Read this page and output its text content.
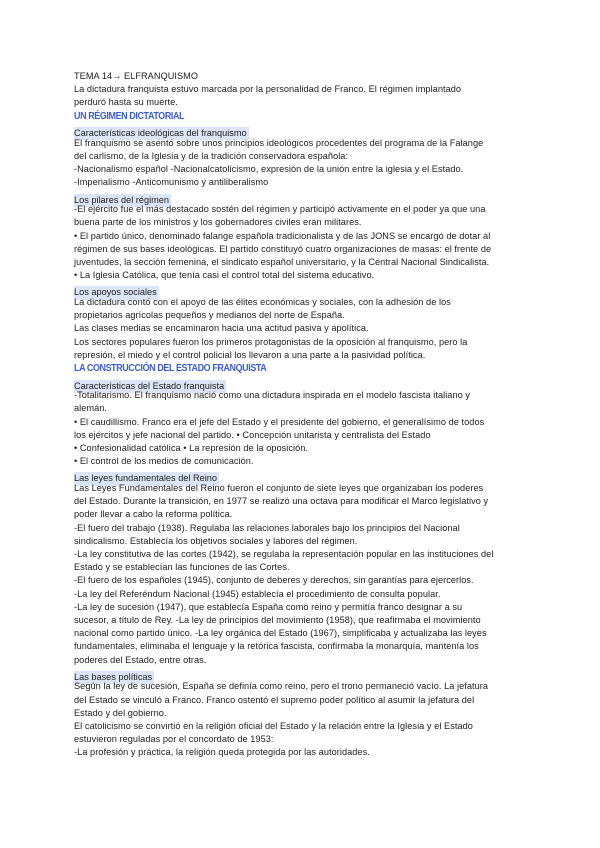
TEMA 14→ ELFRANQUISMO
La dictadura franquista estuvo marcada por la personalidad de Franco. El régimen implantado
perduró hasta su muerte.
UN RÉGIMEN DICTATORIAL
Características ideológicas del franquismo
El franquismo se asentó sobre unos principios ideológicos procedentes del programa de la Falange
del carlismo, de la Iglesia y de la tradición conservadora española:
-Nacionalismo español -Nacionalcatolicismo, expresión de la unión entre la iglesia y el Estado.
-Imperialismo -Anticomunismo y antiliberalismo
Los pilares del régimen
-El ejército fue el más destacado sostén del régimen y participó activamente en el poder ya que una
buena parte de los ministros y los gobernadores civiles eran militares.
• El partido único, denominado falange española tradicionalista y de las JONS se encargó de dotar al
régimen de sus bases ideológicas. El partido constituyó cuatro organizaciones de masas: el frente de
juventudes, la sección femenina, el sindicato español universitario, y la Central Nacional Sindicalista.
• La Iglesia Católica, que tenía casi el control total del sistema educativo.
Los apoyos sociales
La dictadura contó con el apoyo de las élites económicas y sociales, con la adhesión de los
propietarios agrícolas pequeños y medianos del norte de España.
Las clases medias se encaminaron hacia una actitud pasiva y apolítica.
Los sectores populares fueron los primeros protagonistas de la oposición al franquismo, pero la
represión, el miedo y el control policial los llevaron a una parte a la pasividad política.
LA CONSTRUCCIÓN DEL ESTADO FRANQUISTA
Características del Estado franquista
-Totalitarismo. El franquismo nació como una dictadura inspirada en el modelo fascista italiano y
alemán.
• El caudillismo. Franco era el jefe del Estado y el presidente del gobierno, el generalísimo de todos
los ejércitos y jefe nacional del partido. • Concepción unitarista y centralista del Estado
• Confesionalidad católica • La represión de la oposición.
• El control de los medios de comunicación.
Las leyes fundamentales del Reino
Las Leyes Fundamentales del Reino fueron el conjunto de siete leyes que organizaban los poderes
del Estado. Durante la transición, en 1977 se realizó una octava para modificar el Marco legislativo y
poder llevar a cabo la reforma política.
-El fuero del trabajo (1938). Regulaba las relaciones laborales bajo los principios del Nacional
sindicalismo. Establecía los objetivos sociales y labores del régimen.
-La ley constitutiva de las cortes (1942), se regulaba la representación popular en las instituciones del
Estado y se establecían las funciones de las Cortes.
-El fuero de los españoles (1945), conjunto de deberes y derechos, sin garantías para ejercerlos.
-La ley del Referéndum Nacional (1945) establecía el procedimiento de consulta popular.
-La ley de sucesión (1947), que establecía España como reino y permitía franco designar a su
sucesor, a título de Rey. -La ley de principios del movimiento (1958), que reafirmaba el movimiento
nacional como partido único. -La ley orgánica del Estado (1967), simplificaba y actualizaba las leyes
fundamentales, eliminaba el lenguaje y la retórica fascista, confirmaba la monarquía, mantenía los
poderes del Estado, entre otras.
Las bases políticas
Según la ley de sucesión, España se definía como reino, pero el trono permaneció vacío. La jefatura
del Estado se vinculó a Franco. Franco ostentó el supremo poder político al asumir la jefatura del
Estado y del gobierno.
El catolicismo se convirtió en la religión oficial del Estado y la relación entre la Iglesia y el Estado
estuvieron reguladas por el concordato de 1953:
-La profesión y práctica, la religión queda protegida por las autoridades.
